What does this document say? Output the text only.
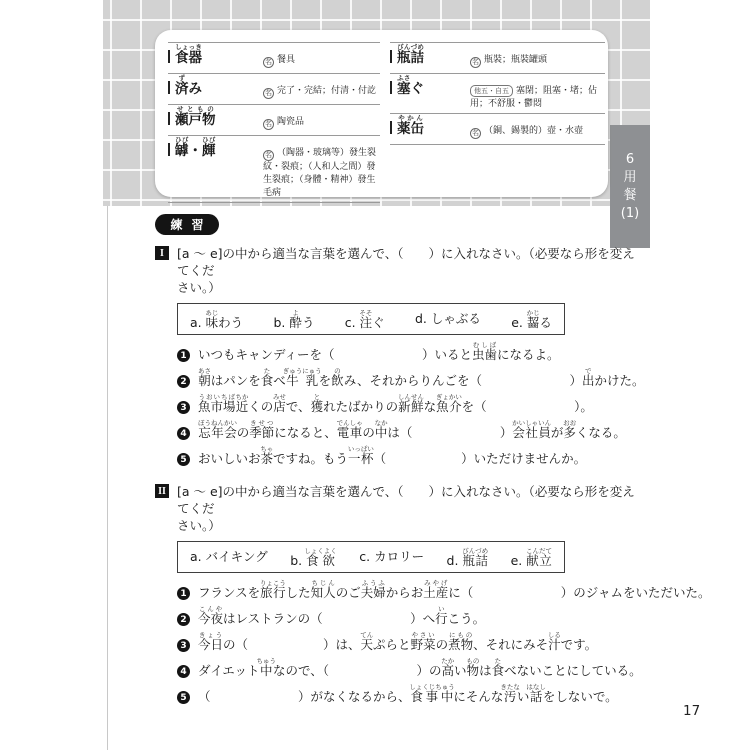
6
用
餐
(1)
食器しょっき
名 餐具
済ずみ	名 完了・完結；付清・付訖
瀬戸物せともの
名 陶瓷品
罅ひび・皹ひび
名 （陶器・玻璃等）發生裂紋・裂痕；（人和人之間）發生裂痕；（身體・精神）發生毛病
瓶詰びんづめ
名 瓶裝；瓶裝罐頭
塞ふさぐ	他五・自五 塞閉；阻塞・堵；佔用；不舒服・鬱悶
薬缶やかん
名 （銅、錫製的）壺・水壺
練習
I	[a 〜 e]の中から適当な言葉を選んで、（　　）に入れなさい。（必要なら形を変えてくだ
さい。）
a. 味あじわう b. 酔よう c. 注そそぐ d. しゃぶる e. 齧かじる
1 いつもキャンディーを（　　　　　　　）いると虫歯むしばになるよ。
2 朝あさはパンを食たべ牛乳ぎゅうにゅうを飲のみ、それからりんごを（　　　　　　　）出でかけた。
3 魚市場うおいちば近ちかくの店みせで、獲とれたばかりの新鮮しんせんな魚介ぎょかいを（　　　　　　　）。
4 忘年会ぼうねんかいの季節きせつになると、電車でんしゃの中なかは（　　　　　　　）会社員かいしゃいんが多おおくなる。
5 おいしいお茶ちゃですね。もう一杯いっぱい（　　　　　　）いただけませんか。
II [a 〜 e]の中から適当な言葉を選んで、（　　）に入れなさい。（必要なら形を変えてくだ
さい。）
a. バイキング b. 食欲しょくよく c. カロリー d. 瓶詰びんづめ
e. 献立こんだて
1 フランスを旅行りょこうした知人ちじんのご夫婦ふうふからお土産みやげに（　　　　　　　）のジャムをいただいた。
2 今夜こんやはレストランの（　　　　　　　）へ行いこう。
3 今日きょうの（　　　　　　）は、天てんぷらと野菜やさいの煮物にもの、それにみそ汁しるです。
4 ダイエット中ちゅうなので、（　　　　　　　）の高たかい物ものは食たべないことにしている。
5 （　　　　　　　）がなくなるから、食事中しょくじちゅうにそんな汚きたない話はなしをしないで。
17
